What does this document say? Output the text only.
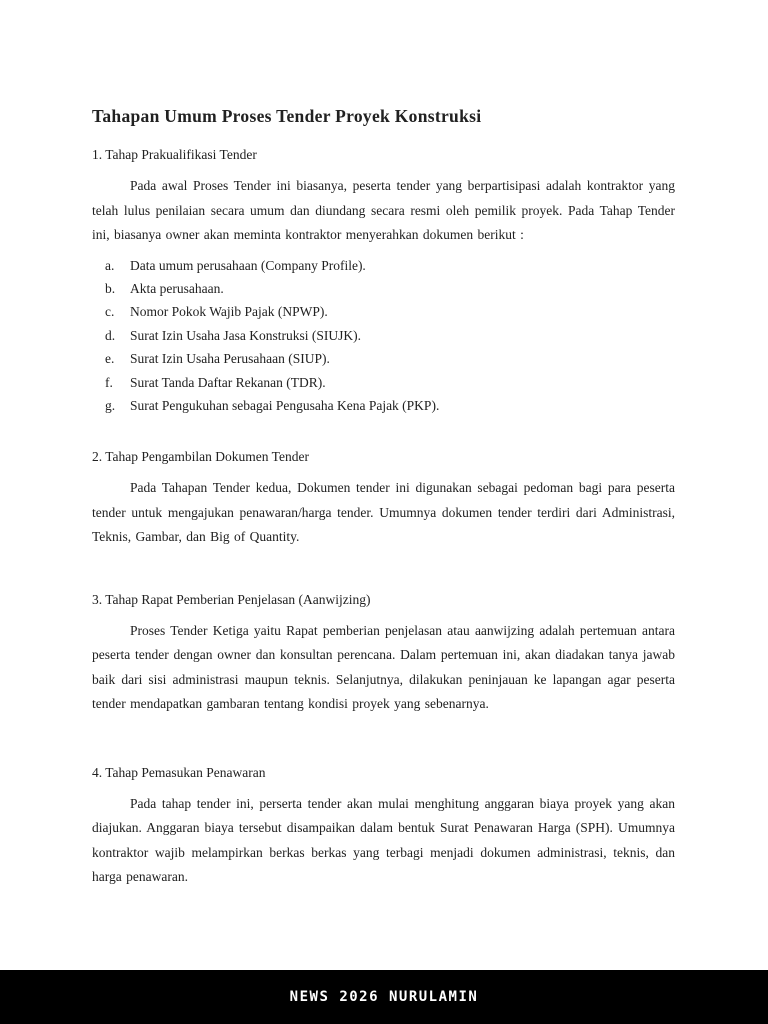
Tahapan Umum Proses Tender Proyek Konstruksi
1. Tahap Prakualifikasi Tender

Pada awal Proses Tender ini biasanya, peserta tender yang berpartisipasi adalah kontraktor yang telah lulus penilaian secara umum dan diundang secara resmi oleh pemilik proyek. Pada Tahap Tender ini, biasanya owner akan meminta kontraktor menyerahkan dokumen berikut :

a.	Data umum perusahaan (Company Profile).
b.	Akta perusahaan.
c.	Nomor Pokok Wajib Pajak (NPWP).
d.	Surat Izin Usaha Jasa Konstruksi (SIUJK).
e.	Surat Izin Usaha Perusahaan (SIUP).
f.	Surat Tanda Daftar Rekanan (TDR).
g.	Surat Pengukuhan sebagai Pengusaha Kena Pajak (PKP).
2. Tahap Pengambilan Dokumen Tender

Pada Tahapan Tender kedua, Dokumen tender ini digunakan sebagai pedoman bagi para peserta tender untuk mengajukan penawaran/harga tender. Umumnya dokumen tender terdiri dari Administrasi, Teknis, Gambar, dan Big of Quantity.

3. Tahap Rapat Pemberian Penjelasan (Aanwijzing)

Proses Tender Ketiga yaitu Rapat pemberian penjelasan atau aanwijzing adalah pertemuan antara peserta tender dengan owner dan konsultan perencana. Dalam pertemuan ini, akan diadakan tanya jawab baik dari sisi administrasi maupun teknis. Selanjutnya, dilakukan peninjauan ke lapangan agar peserta tender mendapatkan gambaran tentang kondisi proyek yang sebenarnya.

4. Tahap Pemasukan Penawaran

Pada tahap tender ini, perserta tender akan mulai menghitung anggaran biaya proyek yang akan diajukan. Anggaran biaya tersebut disampaikan dalam bentuk Surat Penawaran Harga (SPH). Umumnya kontraktor wajib melampirkan berkas berkas yang terbagi menjadi dokumen administrasi, teknis, dan harga penawaran.

NEWS 2026 NURULAMIN
